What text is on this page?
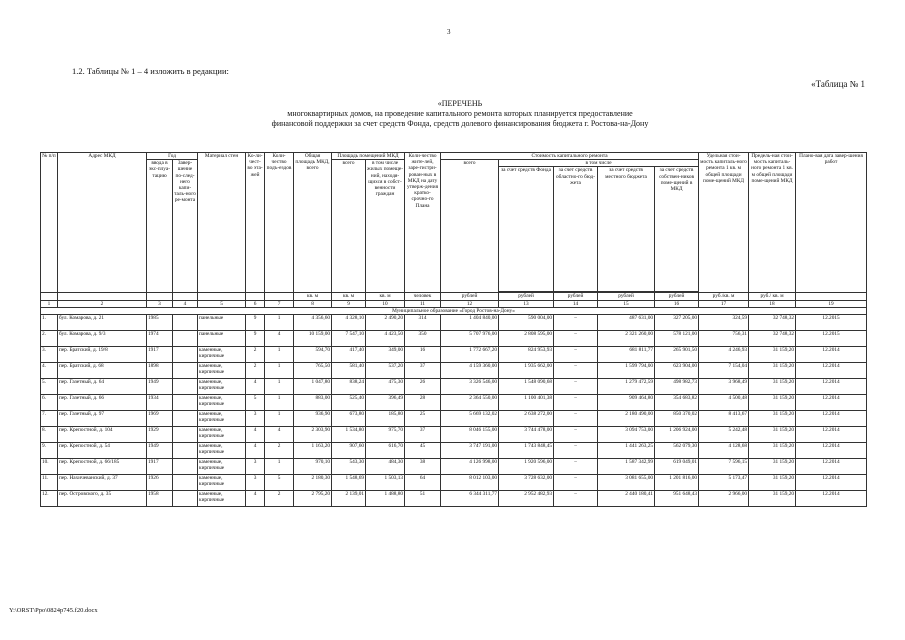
3
1.2. Таблицы № 1 – 4 изложить в редакции:
«Таблица № 1
«ПЕРЕЧЕНЬ
многоквартирных домов, на проведение капитального ремонта которых планируется предоставление
финансовой поддержки за счет средств Фонда, средств долевого финансирования бюджета г. Ростова-на-Дону
№ п/п	Адрес МКД	Год		Материал стен	Ко-ли-чест-во эта-жей	Коли-чество подъ-ездов	Общая площадь МКД, всего	Площадь помещений МКД		Коли-чество жите-лей, заре-гистри-рован-ных в МКД на дату утверж-дения кратко-срочно-го Плана	Стоимость капитального ремонта					Удельная стои-мость капиталь-ного ремонта 1 кв. м общей площади поме-щений МКД	Предель-ная стои-мость капиталь-ного ремонта 1 кв. м общей площади поме-щений МКД	Плано-вая дата завер-шения работ
		ввода в экс-плуа-тацию	Завер-шение по-след-него капи-таль-ного ре-монта					всего	в том числе жилых помеще-ний, находя-щихся в собст-венности граждан		всего	в том числе						
												за счет средств Фонда	за счет средств областно-го бюд-жета	за счет средств местного бюджета	за счет средств собствен-ников поме-щений в МКД			

							кв. м	кв. м	кв. м	человек	рублей	рублей	рублей	рублей	рублей	руб./кв. м	руб./ кв. м	
1	2	3	4	5	6	7	8	9	10	11	12	13	14	15	16	17	18	19
Муниципальное образование «Город Ростов-на-Дону»																		
1.	бул. Комарова, д. 21	1985		панельные	9	1	4 356,60	4 328,10	2 490,20	314	1 404 840,00	590 004,00	–	487 631,00	327 205,00	324,59	32 748,32	12.2015
2.	бул. Комарова, д. 9/3	1974		панельные	9	4	10 159,00	7 547,10	4 423,50	350	5 707 976,00	2 808 595,00	–	2 321 260,00	578 121,00	756,31	32 748,32	12.2015
3.	пер. Братский, д. 19/8	1917		каменные, кирпичные	2	1	594,70	417,40	349,00	16	1 772 667,20	824 953,93	–	681 811,77	265 901,50	4 246,93	31 159,20	12.2014
4.	пер. Братский, д. 68	1898		каменные, кирпичные	2	1	765,50	581,40	537,20	37	4 159 360,00	1 935 662,00	–	1 599 794,00	623 904,00	7 154,04	31 159,20	12.2014
5.	пер. Газетный, д. 64	1949		каменные, кирпичные	4	1	1 047,80	838,24	475,30	26	3 326 546,00	1 548 090,68	–	1 279 472,59	498 982,73	3 968,49	31 159,20	12.2014
6.	пер. Газетный, д. 66	1934		каменные, кирпичные	5	1	883,00	525,40	396,49	28	2 364 550,00	1 100 401,38	–	909 464,80	354 683,82	4 500,48	31 159,20	12.2014
7.	пер. Газетный, д. 97	1969		каменные, кирпичные	3	1	936,90	673,80	185,80	25	5 669 132,02	2 638 272,00	–	2 180 490,00	850 370,02	8 413,67	31 159,20	12.2014
8.	пер. Крепостной, д. 104	1929		каменные, кирпичные	4	4	2 303,90	1 534,80	975,70	37	8 046 155,00	3 744 478,00	–	3 094 753,00	1 206 924,00	5 242,48	31 159,20	12.2014
9.	пер. Крепостной, д. 54	1949		каменные, кирпичные	4	2	1 163,20	907,60	616,70	45	3 747 191,00	1 743 848,45	–	1 441 263,25	562 079,30	4 128,68	31 159,20	12.2014
10.	пер. Крепостной, д. 66/185	1917		каменные, кирпичные	3	1	970,10	543,30	484,30	38	4 126 998,00	1 920 596,00	–	1 587 342,99	619 049,01	7 596,15	31 159,20	12.2014
11.	пер. Нахичеванский, д. 37	1926		каменные, кирпичные	3	5	2 180,30	1 548,69	1 503,13	64	8 012 103,00	3 728 632,00	–	3 081 655,00	1 201 816,00	5 173,47	31 159,20	12.2014
12.	пер. Островского, д. 35	1958		каменные, кирпичные	4	2	2 795,20	2 139,01	1 488,80	51	6 344 311,77	2 952 482,93	–	2 440 180,41	951 648,43	2 966,00	31 159,20	12.2014
Y:\ORST\Ppo\0824p745.f20.docx
